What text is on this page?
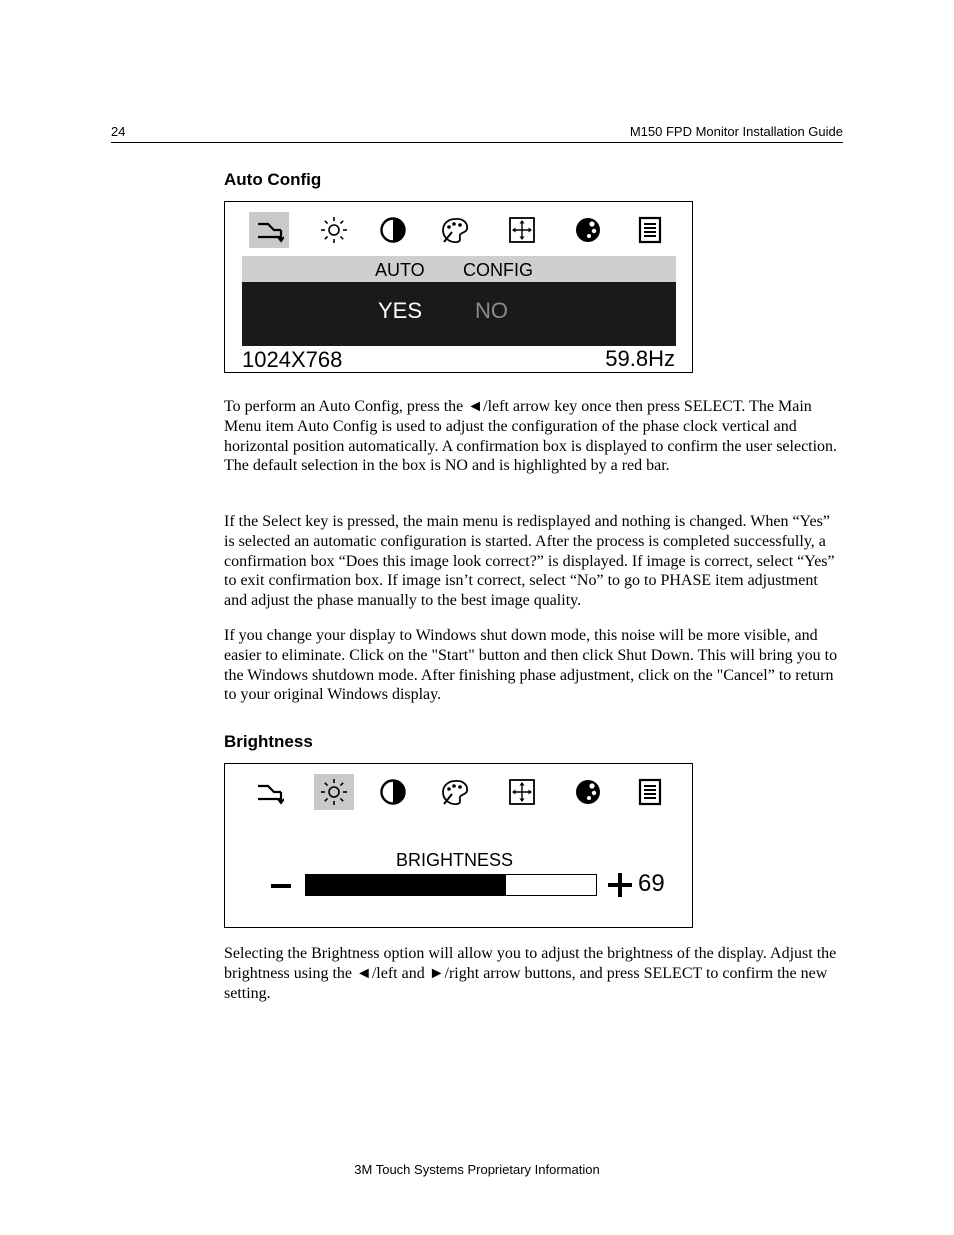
24	M150 FPD Monitor Installation Guide
Auto Config
AUTO CONFIG
YES NO
1024X768	59.8Hz

To perform an Auto Config, press the ◄/left arrow key once then press SELECT. The Main Menu item Auto Config is used to adjust the configuration of the phase clock vertical and horizontal position automatically. A confirmation box is displayed to confirm the user selection. The default selection in the box is NO and is highlighted by a red bar.

If the Select key is pressed, the main menu is redisplayed and nothing is changed. When “Yes” is selected an automatic configuration is started. After the process is completed successfully, a confirmation box “Does this image look correct?” is displayed. If image is correct, select “Yes” to exit confirmation box. If image isn’t correct, select “No” to go to PHASE item adjustment and adjust the phase manually to the best image quality.

If you change your display to Windows shut down mode, this noise will be more visible, and easier to eliminate. Click on the "Start" button and then click Shut Down. This will bring you to the Windows shutdown mode. After finishing phase adjustment, click on the "Cancel” to return to your original Windows display.

Brightness
BRIGHTNESS
69

Selecting the Brightness option will allow you to adjust the brightness of the display. Adjust the brightness using the ◄/left and ►/right arrow buttons, and press SELECT to confirm the new setting.

3M Touch Systems Proprietary Information
